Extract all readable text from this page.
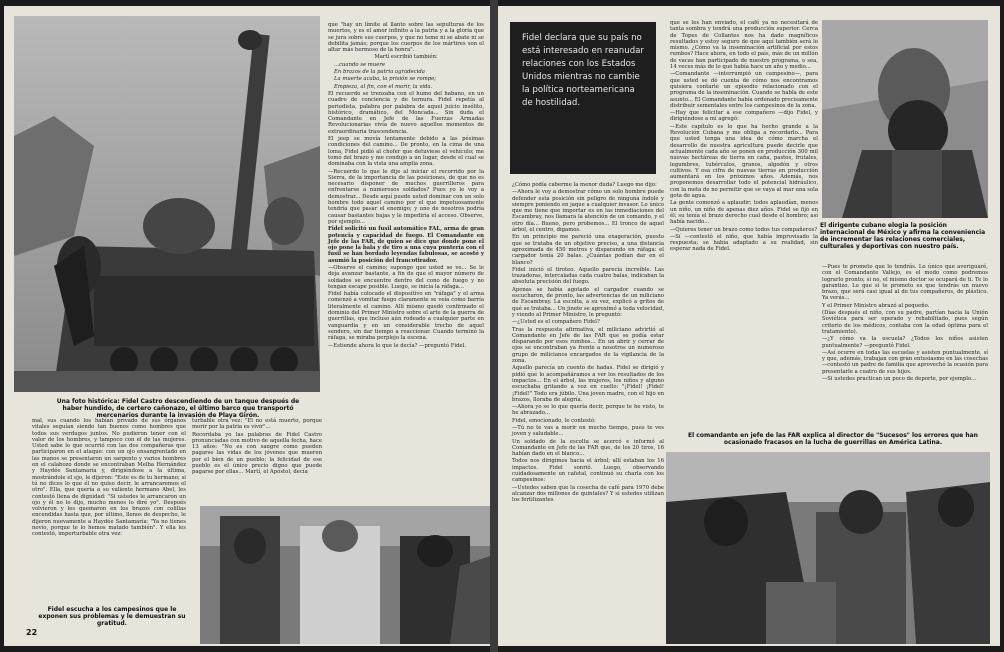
Una foto histórica: Fidel Castro descendiendo de un tanque después de haber hundido, de certero cañonazo, el último barco que transportó mercenarios durante la invasión de Playa Girón.

que "hay un límite al llanto sobre las sepulturas de los muertos, y es el amor infinito a la patria y a la gloria que se jura sobre sus cuerpos, y que no teme ni se abate ni se debilita jamás; porque los cuerpos de los mártires son el altar más hermoso de la honra".

Martí escribió también:

...cuando se muere

En brazos de la patria agradecida

La muerte acaba, la prisión se rompe;

Empieza, al fin, con el morir, la vida.

El recuerdo se trenzaba con el humo del habano, en un cuadro de conciencia y de ternura. Fidel repetía al periodista, palabra por palabra de aquel juicio insólito, histórico, dramático, del Moncada... Sin duda el Comandante en Jefe de las Fuerzas Armadas Revolucionarias vivía de nuevo aquellos momentos de extraordinaria trascendencia.

El jeep se movía lentamente debido a las pésimas condiciones del camino... De pronto, en la cima de una loma, Fidel pidió al chofer que detuviese el vehículo; me tomó del brazo y me condujo a un lugar, desde el cual se dominaba con la vista una amplia zona.

—Recuerdo lo que le dije al iniciar el recorrido por la Sierra, de la importancia de las posiciones, de que no es necesario disponer de muchos guerrilleros para enfrentarse a numerosos soldados? Pues yo le voy a demostrar... Desde aquí puede usted dominar con un solo hombre todo aquel camino por el que impetuosamente tendría que pasar el enemigo; y uno de nosotros podría causar bastantes bajas y le impediría el acceso. Observe, por ejemplo...

Fidel solicitó un fusil automático FAL, arma de gran potencia y capacidad de fuego. El Comandante en Jefe de las FAR, de quien se dice que donde pone el ojo pone la bala y de tiro a una cuya puntería con el fusil se han bordado leyendas fabulosas, se acostó y asumió la posición del francotirador.

—Observe el camino; supongo que usted se ve... Se le deja avanzar bastante, a fin de que el mayor número de soldados se encuentre dentro del cono de fuego y no tengan escape posible. Luego, se inicia la ráfaga...

Fidel había colocado el dispositivo en "ráfaga" y el arma comenzó a vomitar fuego claramente se veía como barría literalmente el camino. Allí mismo quedó confirmado el dominio del Primer Ministro sobre el arte de la guerra de guerrillas, que incluso aún rodeado a cualquier parte en vanguardia y en un considerable trecho de aquel sendero, sin dar tiempo a reaccionar. Cuando terminó la ráfaga, se miraba perplejo la escena.

—Estiende ahora lo que le decía? —preguntó Fidel.

mal, sus cuando los habían privado de sus órganos vitales seguían siendo tan buenos como hombres que todos sus verdugos juntos. No pudieron tener con el valor de los hombres, y tampoco con el de las mujeres. Usted sabe lo que ocurrió con las dos compañeras que participaron en el ataque: con un ojo ensangrentado en las manos se presentaron un sargento y varios hombres en el calabozo donde se encontraban Melba Hernández y Haydée Santamaría y, dirigiéndose a la última, mostrándole el ojo, le dijeron: "Este es de tu hermano; si tú no dices lo que él no quiso decir, le arrancaremos el otro". Ella, que quería a su valiente hermano Abel, les contestó llena de dignidad: "Si ustedes le arrancaron un ojo y él no lo dijo, mucho menos lo diré yo". Después volvieron y les quemaron en los brazos con colillas encendidas hasta que, por último, llenos de despecho, le dijeron nuevamente a Haydée Santamaría: "Ya no tienes novio, porque te lo hemos matado también". Y ella les contestó, imperturbable otra vez:

turbable otra vez: "El no está muerto, porque morir por la patria es vivir"...

Recordaba yo las palabras de Fidel Castro pronunciadas con motivo de aquella fecha, hace 13 años: "No es con sangre como pueden pagarse las vidas de los jóvenes que mueren por el bien de un pueblo; la felicidad de ese pueblo es el único precio digno que puede pagarse por ellas... Martí, el Apóstol, decía

Fidel escucha a los campesinos que le exponen sus problemas y le demuestran su gratitud.
22
Fidel declara que su país no está interesado en reanudar relaciones con los Estados Unidos mientras no cambie la política norteamericana de hostilidad.

¿Cómo podía caberme la menor duda? Luego me dijo:

—Ahora le voy a demostrar cómo un solo hombre puede defender esta posición sin peligro de ninguna índole y siempre poniendo en jaque a cualquier invasor. Lo único que me tiene que importar es en las inmediaciones del Escambray, nos llamara la atención de un comando, y el otro día... Bueno, pero probemos... El tronco de aquel árbol, el centro, digamos.

En un principio me pareció una exageración, puesto que se trataba de un objetivo preciso, a una distancia aproximada de 450 metros y disparando en ráfaga: el cargador tenía 20 balas. ¿Cuántas podían dar en el blanco?

Fidel inició el tiroteo. Aquello parecía increíble. Las trazadoras, intercaladas cada cuatro balas, indicaban la absoluta precisión del fuego.

Apenas se había agotado el cargador cuando se escucharon, de pronto, las advertencias de un miliciano de Escambray. La escolta, a su vez, explicó a gritos de qué se trataba... Un jinete se aproximó a toda velocidad, y viendo al Primer Ministro, le preguntó:

—¿Usted es el compañero Fidel?

Tras la respuesta afirmativa, el miliciano advirtió al Comandante en Jefe de las FAR que se podía estar disparando por esos rumbos... En un abrir y cerrar de ojos se encontraban ya frente a nosotros un numeroso grupo de milicianos encargados de la vigilancia de la zona.

Aquello parecía un cuento de hadas. Fidel se dirigió y pidió que lo acompañáramos a ver los resultados de los impactos... En el árbol, las mujeres, los niños y alguno escuchaba gritando a voz en cuello: "¡Fidel! ¡Fidel! ¡Fidel!" Todo era júbilo. Una joven madre, con el hijo en brazos, lloraba de alegría.

—Ahora yo se lo que quería decir, porque te he visto, te he abrazado...

Fidel, emocionado, le contestó:

—Tú no te vas a morir en mucho tiempo, pues te ves joven y saludable...

Un soldado de la escolta se acercó e informó al Comandante en Jefe de las FAR que, de los 20 tiros, 16 habían dado en el blanco...

Todos nos dirigimos hacia el árbol; allí estaban los 16 impactos. Fidel sonrió. Luego, observando cuidadosamente un cafetal, continuó su charla con los campesinos:

—Ustedes saben que la cosecha de café para 1970 debe alcanzar dos millones de quintales? Y si ustedes utilizan los fertilizantes

que se les han enviado, el café ya no necesitará de tanta sombra y tendrá una producción superior. Cerca de Topes de Collantes nos ha dado magníficos resultados y estoy seguro de que aquí también será lo mismo. ¿Cómo va la inseminación artificial por estos rumbos? Hace ahora, en todo el país, más de un millón de vacas han participado de nuestro programa, o sea, 14 veces más de lo que había hace un año y medio...

—Comandante —interrumpió un campesino—, para que usted se dé cuenta de cómo nos encontramos quisiera contarle un episodio relacionado con el programa de la inseminación. Cuando se habla de este asunto... El Comandante había ordenado precisamente distribuir sementales entre los campesinos de la zona.

—Hay que felicitar a ese compañero —dijo Fidel, y dirigiéndose a mí agregó:

—Este capítulo es lo que ha hecho grande a la Revolución Cubana y me obliga a recordarlo... Para que usted tenga una idea de cómo marcha el desarrollo de nuestra agricultura puede decirle que actualmente cada año se ponen en producción 300 mil nuevas hectáreas de tierra en caña, pastos, frutales, legumbres, tubérculos, granos, algodón y otros cultivos. Y esa cifra de nuevas tierras en producción aumentará en los próximos años. Además, nos proponemos desarrollar todo el potencial hidráulico, con la meta de no permitir que se vaya al mar una sola gota de agua.

La gente comenzó a aplaudir; todos aplaudían, menos un niño, un niño de apenas diez años. Fidel se fijó en él; su tenía el brazo derecho cual desde el hombro; así había nacido...

—Quieres tener un brazo como todos tus compañeros?

—Sí —contestó el niño, que había improvisado la respuesta; se había adaptado a su realidad, sin esperar nada de Fidel.

El dirigente cubano elogia la posición internacional de México y afirma la conveniencia de incrementar las relaciones comerciales, culturales y deportivas con nuestro país.

—Pues te prometo que lo tendrás. Lo único que averiguaré, con el Comandante Vallejo, es el modo como podremos lograrlo pronto; si no, el mismo doctor se ocupará de ti. Te lo garantizo. Lo que sí te prometo es que tendrás un nuevo brazo, que será casi igual al de tus compañeros, de plástico. Ya verás...

Y el Primer Ministro abrazó al pequeño.

(Días después el niño, con su padre, partían hacia la Unión Soviética para ser operado y rehabilitado, pues según criterio de los médicos, contaba con la edad óptima para el tratamiento).

—¿Y cómo va la escuela? ¿Todos los niños asisten puntualmente? —preguntó Fidel.

—Así ocurre en todas las escuelas y asisten puntualmente, sí y que, además, trabajan con gran entusiasmo en las cosechas —contestó un padre de familia que aprovechó la ocasión para presentarle a cuatro de sus hijos.

—Si ustedes practican un poco de deporte, por ejemplo...

El comandante en jefe de las FAR explica al director de "Sucesos" los errores que han ocasionado fracasos en la lucha de guerrillas en América Latina.
